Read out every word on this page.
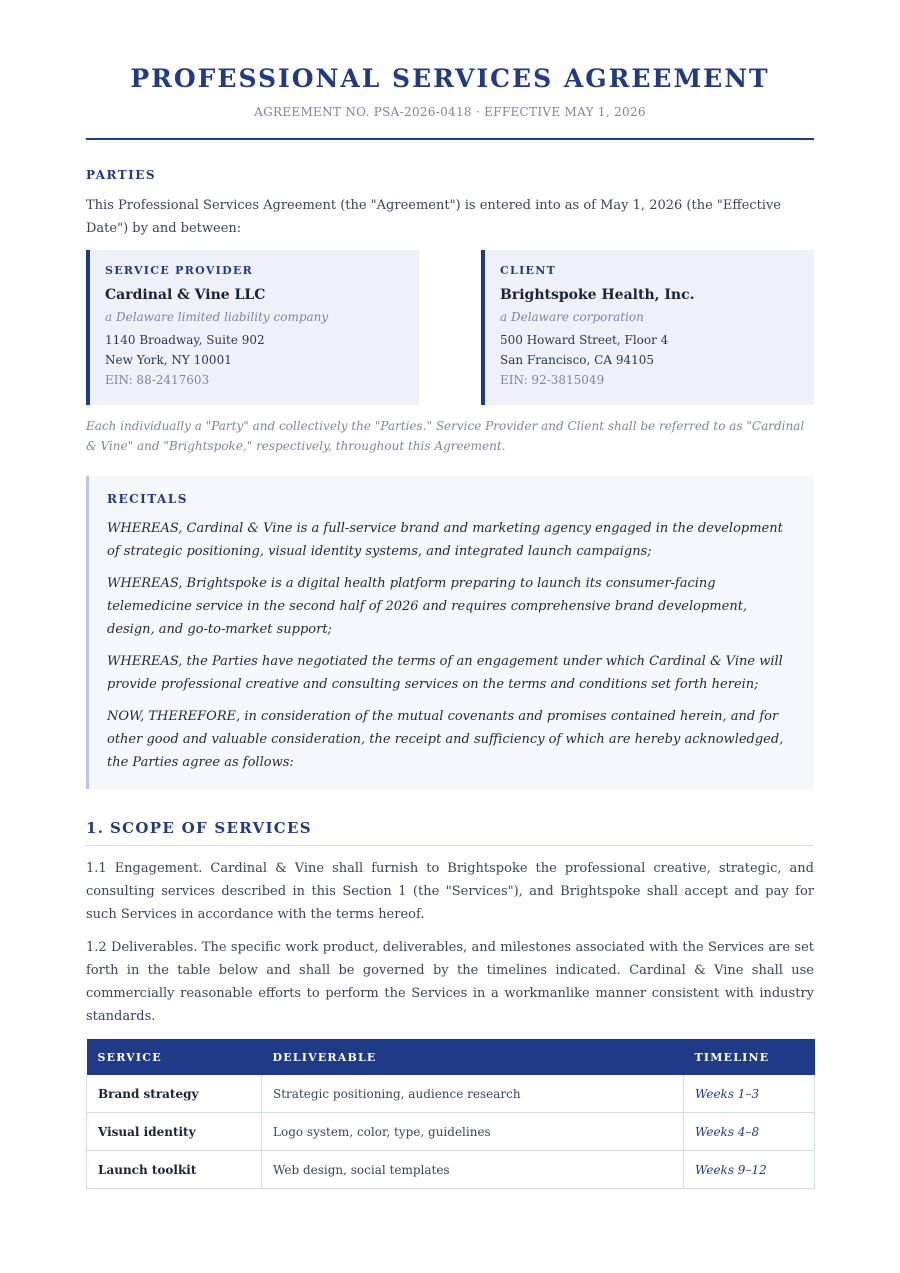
PROFESSIONAL SERVICES AGREEMENT
AGREEMENT NO. PSA-2026-0418 · EFFECTIVE MAY 1, 2026
PARTIES
This Professional Services Agreement (the "Agreement") is entered into as of May 1, 2026 (the "Effective Date") by and between:
SERVICE PROVIDER
Cardinal & Vine LLC
a Delaware limited liability company
1140 Broadway, Suite 902
New York, NY 10001
EIN: 88-2417603
CLIENT
Brightspoke Health, Inc.
a Delaware corporation
500 Howard Street, Floor 4
San Francisco, CA 94105
EIN: 92-3815049
Each individually a "Party" and collectively the "Parties." Service Provider and Client shall be referred to as "Cardinal & Vine" and "Brightspoke," respectively, throughout this Agreement.
RECITALS
WHEREAS, Cardinal & Vine is a full-service brand and marketing agency engaged in the development of strategic positioning, visual identity systems, and integrated launch campaigns;
WHEREAS, Brightspoke is a digital health platform preparing to launch its consumer-facing telemedicine service in the second half of 2026 and requires comprehensive brand development, design, and go-to-market support;
WHEREAS, the Parties have negotiated the terms of an engagement under which Cardinal & Vine will provide professional creative and consulting services on the terms and conditions set forth herein;
NOW, THEREFORE, in consideration of the mutual covenants and promises contained herein, and for other good and valuable consideration, the receipt and sufficiency of which are hereby acknowledged, the Parties agree as follows:
1. SCOPE OF SERVICES
1.1 Engagement. Cardinal & Vine shall furnish to Brightspoke the professional creative, strategic, and consulting services described in this Section 1 (the "Services"), and Brightspoke shall accept and pay for such Services in accordance with the terms hereof.
1.2 Deliverables. The specific work product, deliverables, and milestones associated with the Services are set forth in the table below and shall be governed by the timelines indicated. Cardinal & Vine shall use commercially reasonable efforts to perform the Services in a workmanlike manner consistent with industry standards.
SERVICE	DELIVERABLE	TIMELINE
Brand strategy	Strategic positioning, audience research	Weeks 1–3
Visual identity	Logo system, color, type, guidelines	Weeks 4–8
Launch toolkit	Web design, social templates	Weeks 9–12
